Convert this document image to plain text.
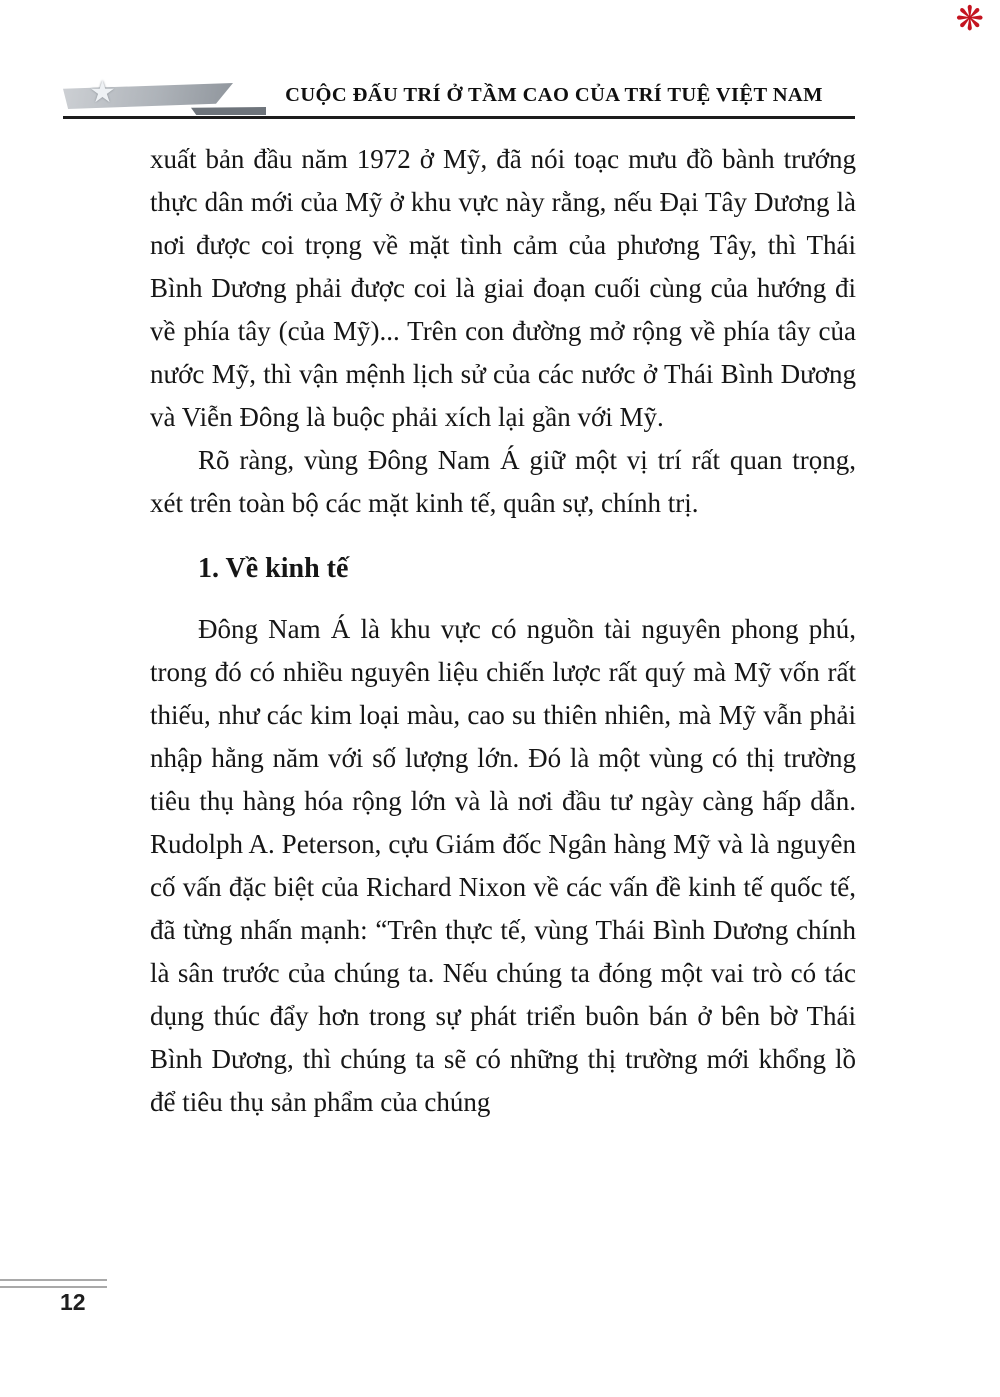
❋
★	CUỘC ĐẤU TRÍ Ở TẦM CAO CỦA TRÍ TUỆ VIỆT NAM

xuất bản đầu năm 1972 ở Mỹ, đã nói toạc mưu đồ bành trướng thực dân mới của Mỹ ở khu vực này rằng, nếu Đại Tây Dương là nơi được coi trọng về mặt tình cảm của phương Tây, thì Thái Bình Dương phải được coi là giai đoạn cuối cùng của hướng đi về phía tây (của Mỹ)... Trên con đường mở rộng về phía tây của nước Mỹ, thì vận mệnh lịch sử của các nước ở Thái Bình Dương và Viễn Đông là buộc phải xích lại gần với Mỹ.

Rõ ràng, vùng Đông Nam Á giữ một vị trí rất quan trọng, xét trên toàn bộ các mặt kinh tế, quân sự, chính trị.

1. Về kinh tế

Đông Nam Á là khu vực có nguồn tài nguyên phong phú, trong đó có nhiều nguyên liệu chiến lược rất quý mà Mỹ vốn rất thiếu, như các kim loại màu, cao su thiên nhiên, mà Mỹ vẫn phải nhập hằng năm với số lượng lớn. Đó là một vùng có thị trường tiêu thụ hàng hóa rộng lớn và là nơi đầu tư ngày càng hấp dẫn. Rudolph A. Peterson, cựu Giám đốc Ngân hàng Mỹ và là nguyên cố vấn đặc biệt của Richard Nixon về các vấn đề kinh tế quốc tế, đã từng nhấn mạnh: “Trên thực tế, vùng Thái Bình Dương chính là sân trước của chúng ta. Nếu chúng ta đóng một vai trò có tác dụng thúc đẩy hơn trong sự phát triển buôn bán ở bên bờ Thái Bình Dương, thì chúng ta sẽ có những thị trường mới khổng lồ để tiêu thụ sản phẩm của chúng

12
